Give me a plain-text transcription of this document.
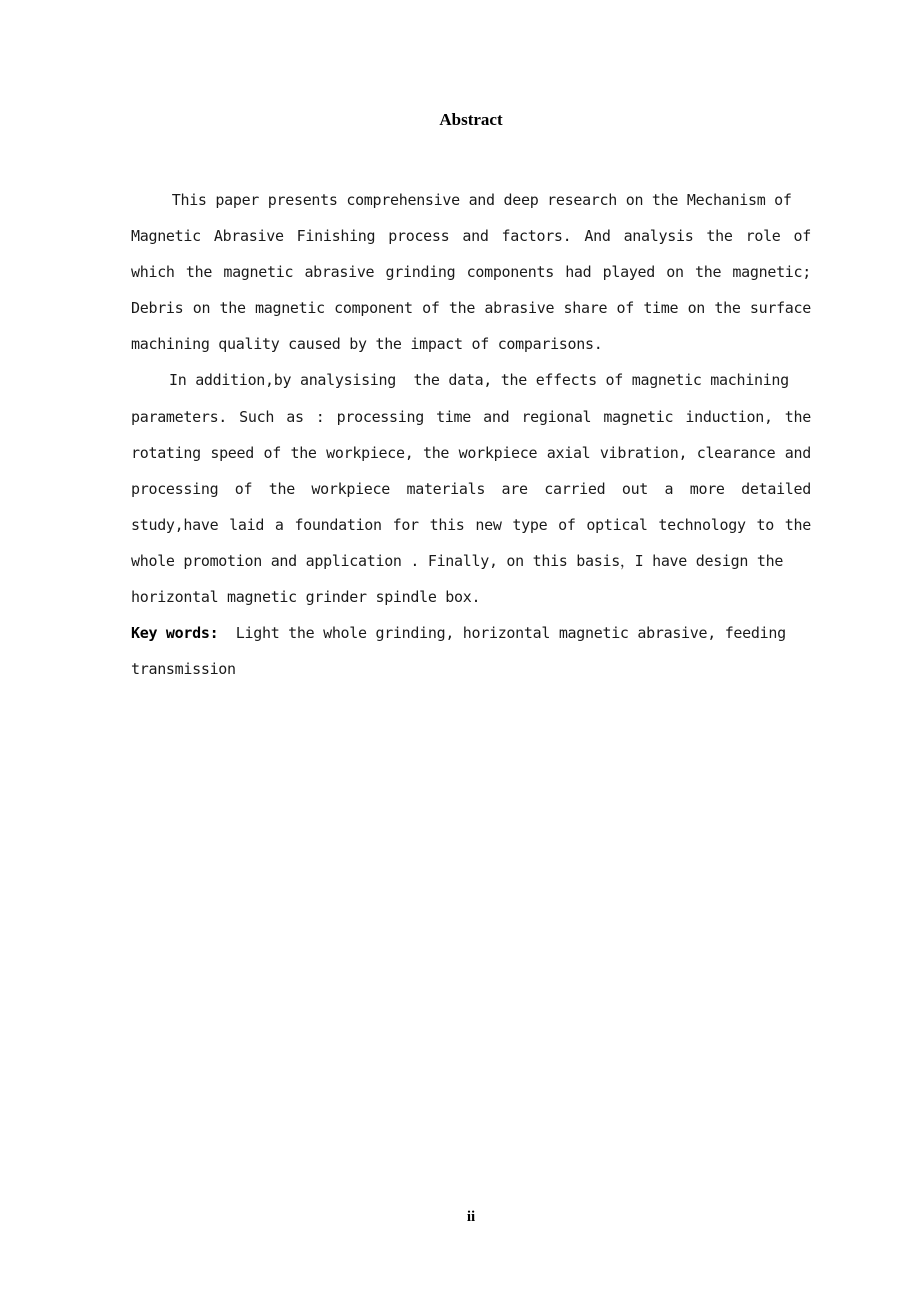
Abstract
This paper presents comprehensive and deep research on the Mechanism of
Magnetic Abrasive Finishing process and factors. And analysis the role of
which the magnetic abrasive grinding components had played on the magnetic;
Debris on the magnetic component of the abrasive share of time on the surface
machining quality caused by the impact of comparisons.
In addition,by analysising  the data, the effects of magnetic machining
parameters. Such as : processing time and regional magnetic induction, the
rotating speed of the workpiece, the workpiece axial vibration, clearance and
processing of the workpiece materials are carried out a more detailed
study,have laid a foundation for this new type of optical technology to the
whole promotion and application . Finally, on this basis，I have design the
horizontal magnetic grinder spindle box.
Key words:  Light the whole grinding, horizontal magnetic abrasive, feeding
transmission
ii
